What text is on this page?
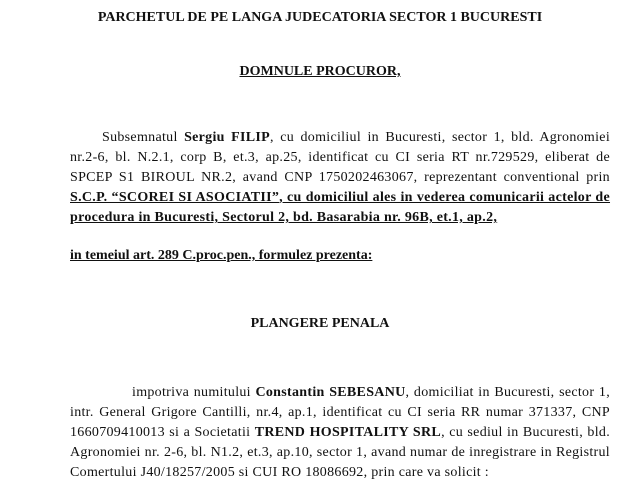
PARCHETUL DE PE LANGA JUDECATORIA SECTOR 1 BUCURESTI
DOMNULE PROCUROR,

Subsemnatul Sergiu FILIP, cu domiciliul in Bucuresti, sector 1, bld. Agronomiei nr.2-6, bl. N.2.1, corp B, et.3, ap.25, identificat cu CI seria RT nr.729529, eliberat de SPCEP S1 BIROUL NR.2, avand CNP 1750202463067, reprezentant conventional prin S.C.P. “SCOREI SI ASOCIATII”, cu domiciliul ales in vederea comunicarii actelor de procedura in Bucuresti, Sectorul 2, bd. Basarabia nr. 96B, et.1, ap.2,

in temeiul art. 289 C.proc.pen., formulez prezenta:
PLANGERE PENALA

impotriva numitului Constantin SEBESANU, domiciliat in Bucuresti, sector 1, intr. General Grigore Cantilli, nr.4, ap.1, identificat cu CI seria RR numar 371337, CNP 1660709410013 si a Societatii TREND HOSPITALITY SRL, cu sediul in Bucuresti, bld. Agronomiei nr. 2-6, bl. N1.2, et.3, ap.10, sector 1, avand numar de inregistrare in Registrul Comertului J40/18257/2005 si CUI RO 18086692, prin care va solicit :
